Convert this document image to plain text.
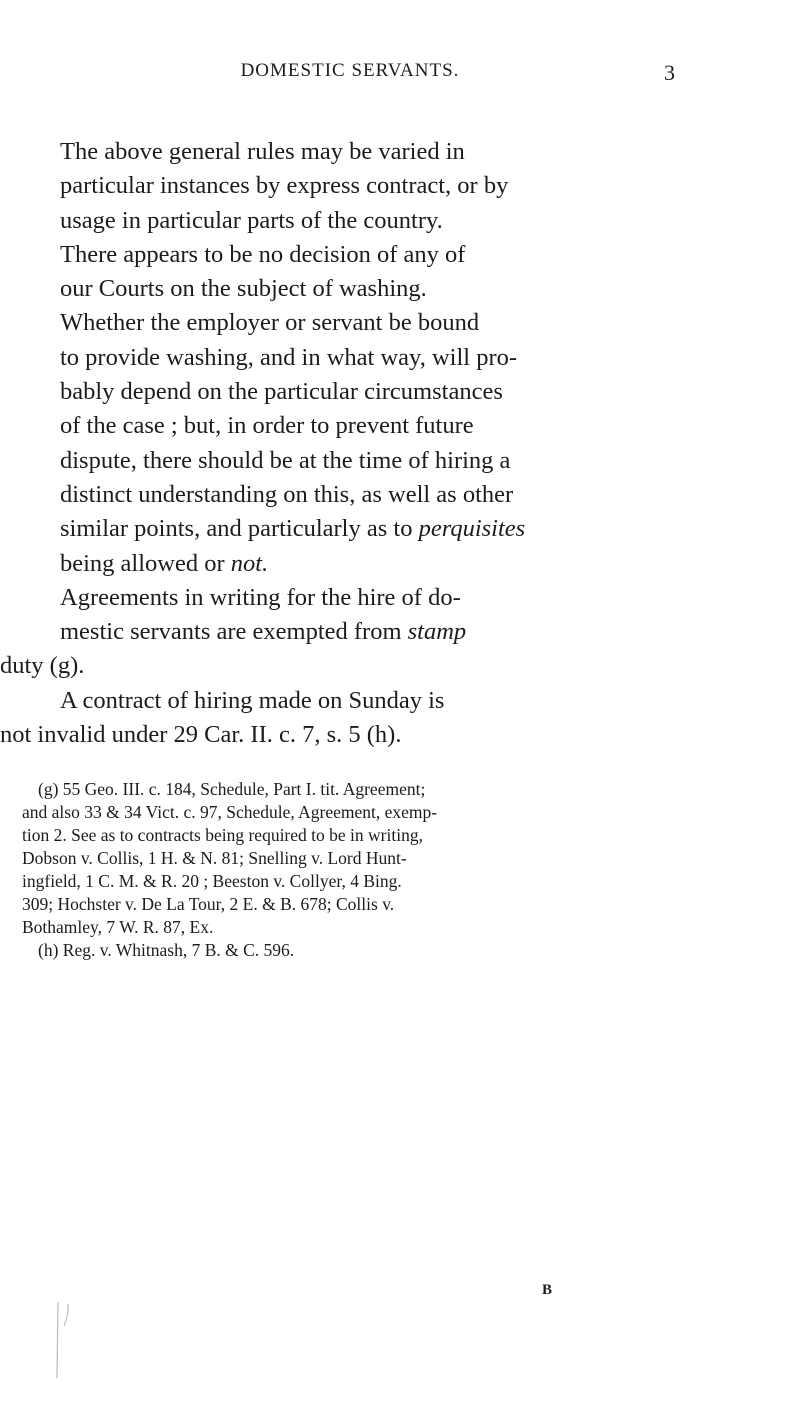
DOMESTIC SERVANTS.	3

The above general rules may be varied in
particular instances by express contract, or by
usage in particular parts of the country.

There appears to be no decision of any of
our Courts on the subject of washing.

Whether the employer or servant be bound
to provide washing, and in what way, will pro-
bably depend on the particular circumstances
of the case ; but, in order to prevent future
dispute, there should be at the time of hiring a
distinct understanding on this, as well as other
similar points, and particularly as to perquisites
being allowed or not.

Agreements in writing for the hire of do-
mestic servants are exempted from stamp
duty (g).

A contract of hiring made on Sunday is
not invalid under 29 Car. II. c. 7, s. 5 (h).

(g) 55 Geo. III. c. 184, Schedule, Part I. tit. Agreement;
and also 33 & 34 Vict. c. 97, Schedule, Agreement, exemp-
tion 2. See as to contracts being required to be in writing,
Dobson v. Collis, 1 H. & N. 81; Snelling v. Lord Hunt-
ingfield, 1 C. M. & R. 20 ; Beeston v. Collyer, 4 Bing.
309; Hochster v. De La Tour, 2 E. & B. 678; Collis v.
Bothamley, 7 W. R. 87, Ex.

(h) Reg. v. Whitnash, 7 B. & C. 596.

B
